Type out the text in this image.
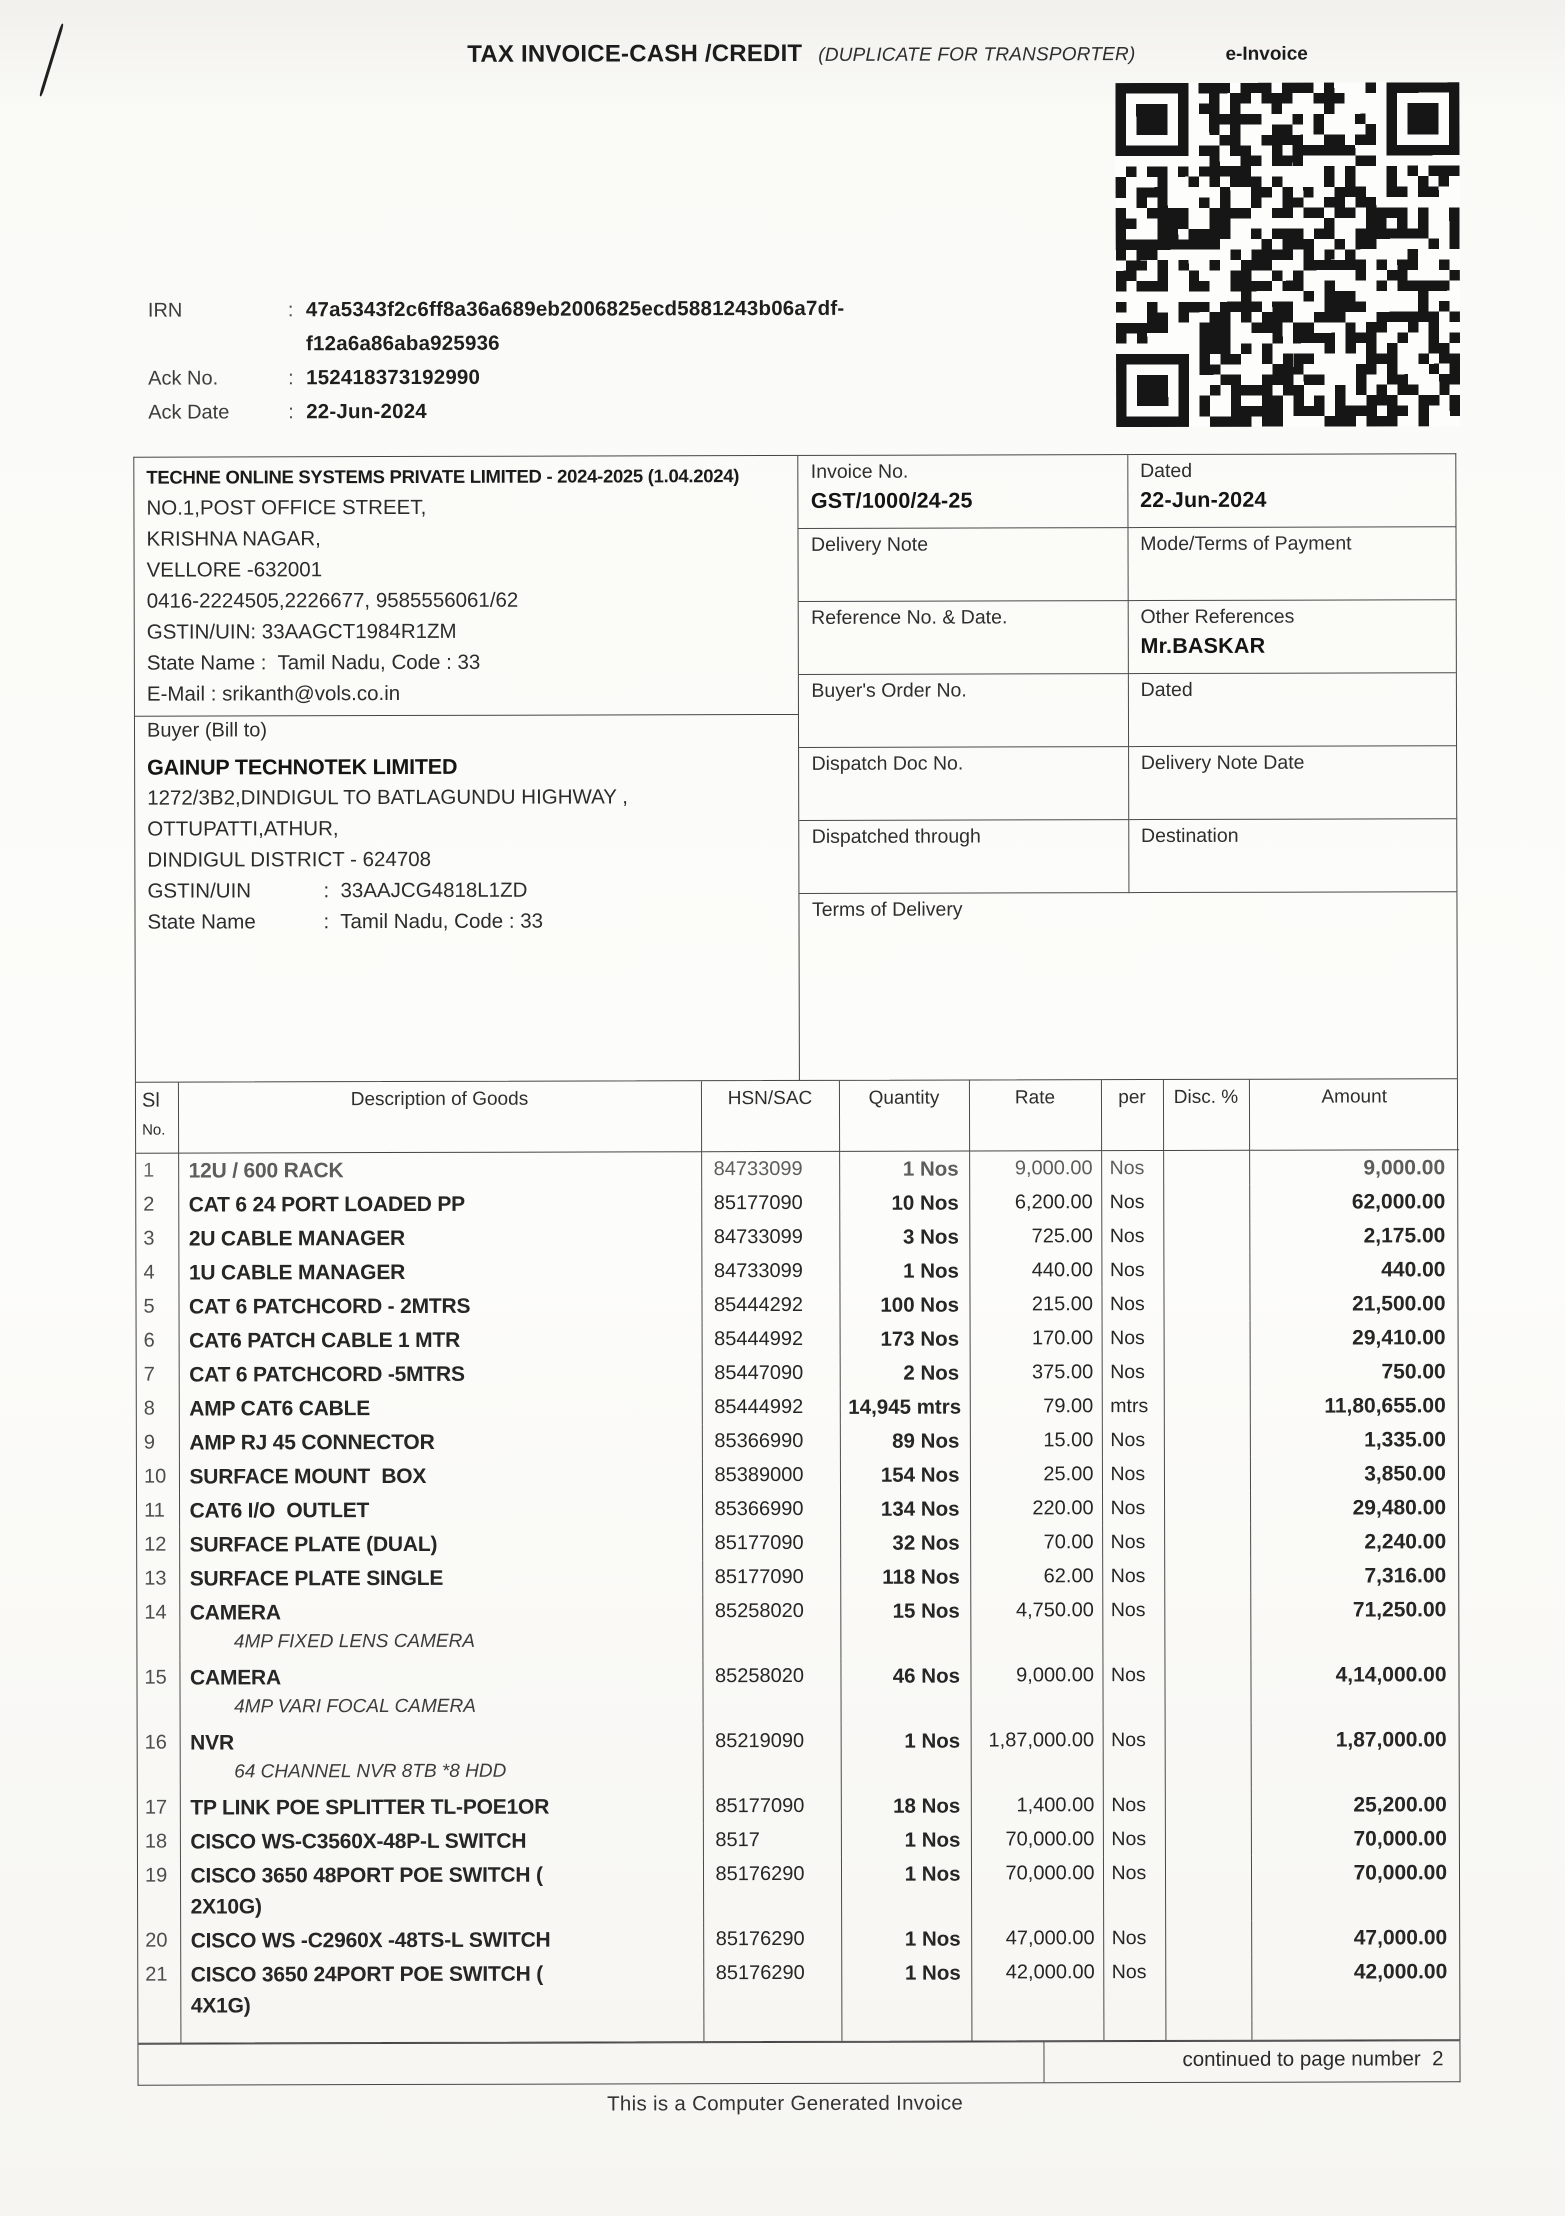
TAX INVOICE-CASH /CREDIT (DUPLICATE FOR TRANSPORTER)	e-Invoice
IRN	: 47a5343f2c6ff8a36a689eb2006825ecd5881243b06a7df-
f12a6a86aba925936
Ack No.	: 152418373192990
Ack Date	: 22-Jun-2024
TECHNE ONLINE SYSTEMS PRIVATE LIMITED - 2024-2025 (1.04.2024)
NO.1,POST OFFICE STREET,
KRISHNA NAGAR,
VELLORE -632001
0416-2224505,2226677, 9585556061/62
GSTIN/UIN: 33AAGCT1984R1ZM
State Name :  Tamil Nadu, Code : 33
E-Mail : srikanth@vols.co.in
Buyer (Bill to)
GAINUP TECHNOTEK LIMITED
1272/3B2,DINDIGUL TO BATLAGUNDU HIGHWAY ,
OTTUPATTI,ATHUR,
DINDIGUL DISTRICT - 624708
GSTIN/UIN	:  33AAJCG4818L1ZD
State Name	:  Tamil Nadu, Code : 33
Invoice No.
GST/1000/24-25
Dated
22-Jun-2024
Delivery Note	Mode/Terms of Payment
Reference No. & Date.	Other References
Mr.BASKAR
Buyer's Order No.	Dated
Dispatch Doc No.	Delivery Note Date
Dispatched through	Destination
Terms of Delivery
Sl
No.	Description of Goods	HSN/SAC	Quantity	Rate	per	Disc. %	Amount
1	12U / 600 RACK	84733099	1 Nos	9,000.00	Nos		9,000.00
2	CAT 6 24 PORT LOADED PP	85177090	10 Nos	6,200.00	Nos		62,000.00
3	2U CABLE MANAGER	84733099	3 Nos	725.00	Nos		2,175.00
4	1U CABLE MANAGER	84733099	1 Nos	440.00	Nos		440.00
5	CAT 6 PATCHCORD - 2MTRS	85444292	100 Nos	215.00	Nos		21,500.00
6	CAT6 PATCH CABLE 1 MTR	85444992	173 Nos	170.00	Nos		29,410.00
7	CAT 6 PATCHCORD -5MTRS	85447090	2 Nos	375.00	Nos		750.00
8	AMP CAT6 CABLE	85444992	14,945 mtrs	79.00	mtrs		11,80,655.00
9	AMP RJ 45 CONNECTOR	85366990	89 Nos	15.00	Nos		1,335.00
10	SURFACE MOUNT  BOX	85389000	154 Nos	25.00	Nos		3,850.00
11	CAT6 I/O  OUTLET	85366990	134 Nos	220.00	Nos		29,480.00
12	SURFACE PLATE (DUAL)	85177090	32 Nos	70.00	Nos		2,240.00
13	SURFACE PLATE SINGLE	85177090	118 Nos	62.00	Nos		7,316.00
14	CAMERA
4MP FIXED LENS CAMERA	85258020	15 Nos	4,750.00	Nos		71,250.00
15	CAMERA
4MP VARI FOCAL CAMERA	85258020	46 Nos	9,000.00	Nos		4,14,000.00
16	NVR
64 CHANNEL NVR 8TB *8 HDD	85219090	1 Nos	1,87,000.00	Nos		1,87,000.00
17	TP LINK POE SPLITTER TL-POE1OR	85177090	18 Nos	1,400.00	Nos		25,200.00
18	CISCO WS-C3560X-48P-L SWITCH	8517	1 Nos	70,000.00	Nos		70,000.00
19	CISCO 3650 48PORT POE SWITCH (
2X10G)	85176290	1 Nos	70,000.00	Nos		70,000.00
20	CISCO WS -C2960X -48TS-L SWITCH	85176290	1 Nos	47,000.00	Nos		47,000.00
21	CISCO 3650 24PORT POE SWITCH (
4X1G)	85176290	1 Nos	42,000.00	Nos		42,000.00

continued to page number  2
This is a Computer Generated Invoice
